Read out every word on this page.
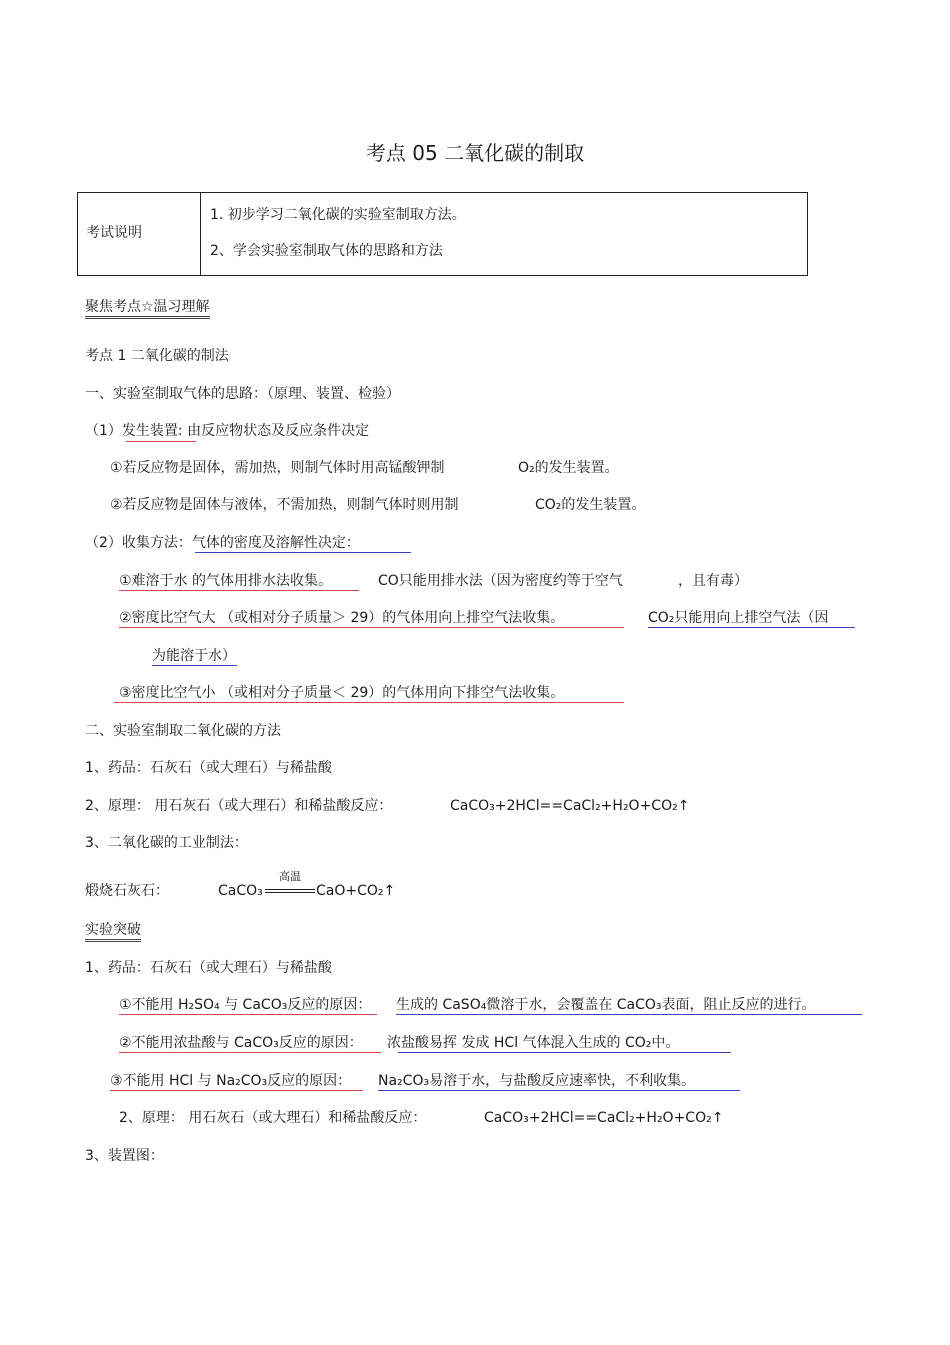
考点 05 二氧化碳的制取
考试说明
1. 初步学习二氧化碳的实验室制取方法。
2、学会实验室制取气体的思路和方法
聚焦考点☆温习理解
考点 1 二氧化碳的制法
一、实验室制取气体的思路：（原理、装置、检验）
（1）发生装置: 由反应物状态及反应条件决定
①若反应物是固体，需加热，则制气体时用高锰酸钾制	O₂的发生装置。
②若反应物是固体与液体，不需加热，则制气体时则用制	CO₂的发生装置。
（2）收集方法：气体的密度及溶解性决定：
①难溶于水 的气体用排水法收集。	CO只能用排水法（因为密度约等于空气	，且有毒）
②密度比空气大 （或相对分子质量＞ 29）的气体用向上排空气法收集。	CO₂只能用向上排空气法（因
为能溶于水）
③密度比空气小 （或相对分子质量＜ 29）的气体用向下排空气法收集。
二、实验室制取二氧化碳的方法
1、药品：石灰石（或大理石）与稀盐酸
2、原理： 用石灰石（或大理石）和稀盐酸反应：	CaCO₃+2HCl==CaCl₂+H₂O+CO₂↑
3、二氧化碳的工业制法：
煅烧石灰石：	CaCO₃
高温
CaO+CO₂↑
实验突破
1、药品：石灰石（或大理石）与稀盐酸
①不能用 H₂SO₄ 与 CaCO₃反应的原因： 生成的 CaSO₄微溶于水，会覆盖在 CaCO₃表面，阻止反应的进行。
②不能用浓盐酸与 CaCO₃反应的原因： 浓盐酸易挥 发成 HCl 气体混入生成的 CO₂中。
③不能用 HCl 与 Na₂CO₃反应的原因： Na₂CO₃易溶于水，与盐酸反应速率快，不利收集。
2、原理： 用石灰石（或大理石）和稀盐酸反应：	CaCO₃+2HCl==CaCl₂+H₂O+CO₂↑
3、装置图：
